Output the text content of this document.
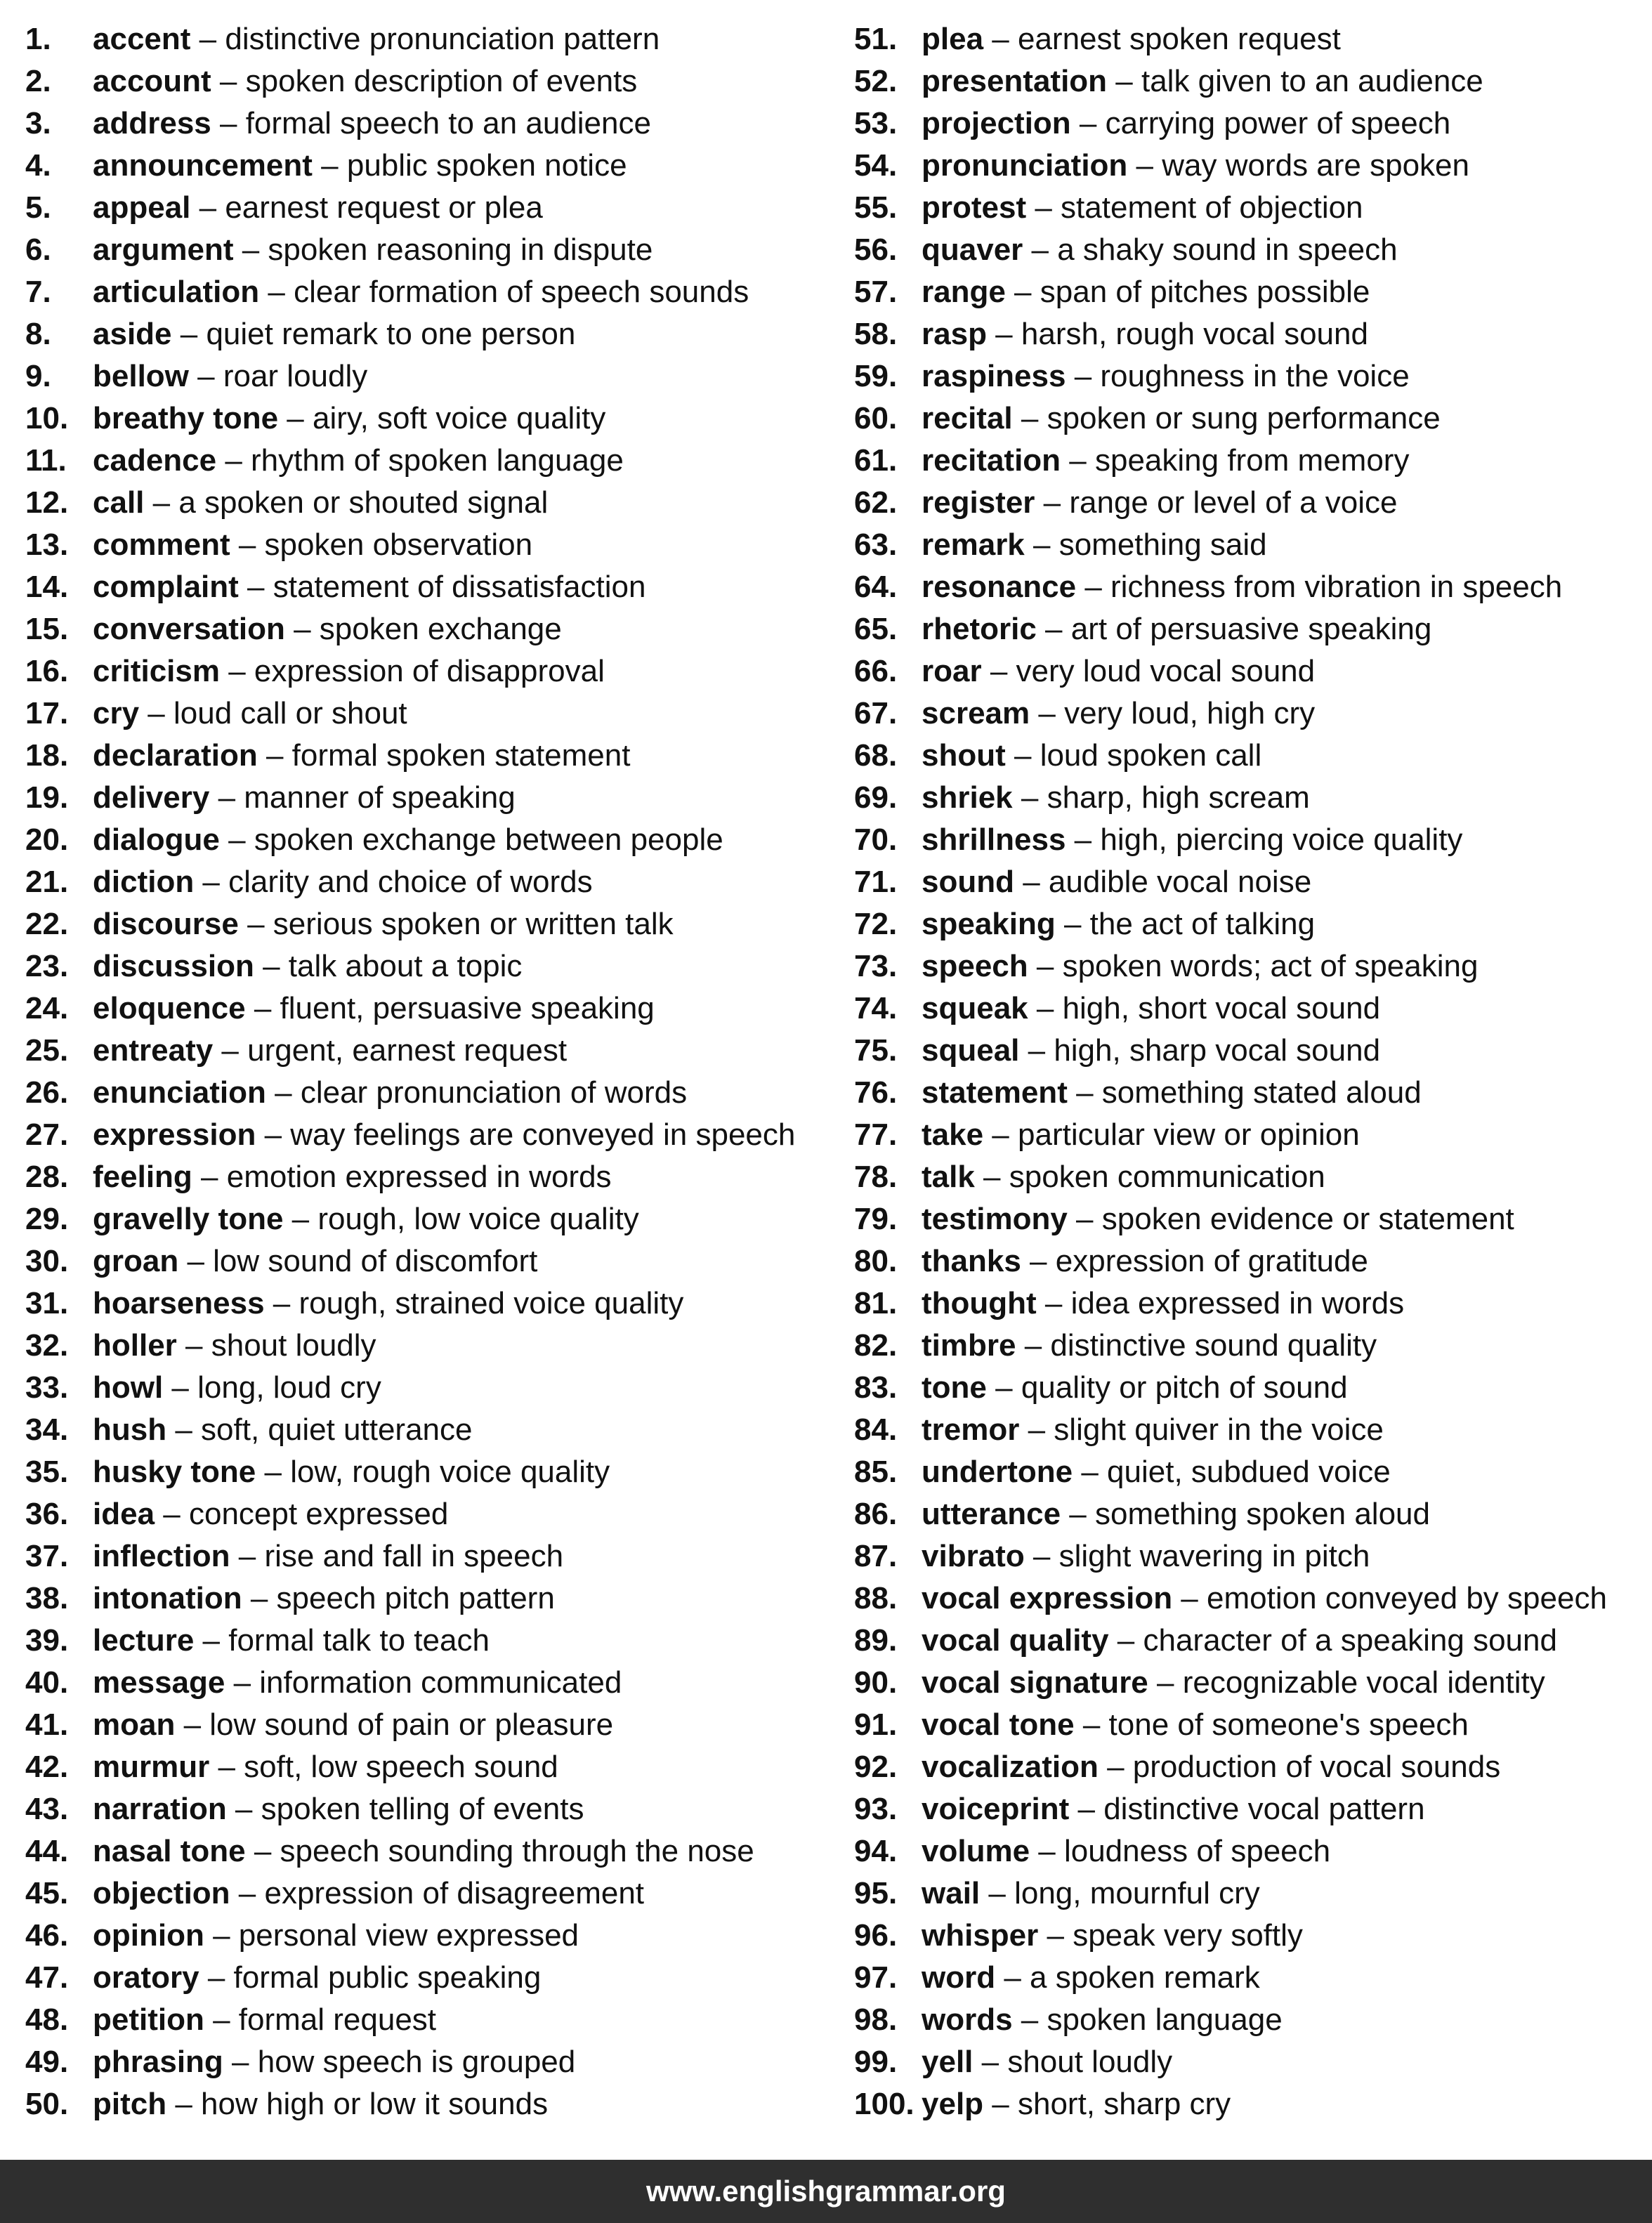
1. accent – distinctive pronunciation pattern
2. account – spoken description of events
3. address – formal speech to an audience
4. announcement – public spoken notice
5. appeal – earnest request or plea
6. argument – spoken reasoning in dispute
7. articulation – clear formation of speech sounds
8. aside – quiet remark to one person
9. bellow – roar loudly
10. breathy tone – airy, soft voice quality
11. cadence – rhythm of spoken language
12. call – a spoken or shouted signal
13. comment – spoken observation
14. complaint – statement of dissatisfaction
15. conversation – spoken exchange
16. criticism – expression of disapproval
17. cry – loud call or shout
18. declaration – formal spoken statement
19. delivery – manner of speaking
20. dialogue – spoken exchange between people
21. diction – clarity and choice of words
22. discourse – serious spoken or written talk
23. discussion – talk about a topic
24. eloquence – fluent, persuasive speaking
25. entreaty – urgent, earnest request
26. enunciation – clear pronunciation of words
27. expression – way feelings are conveyed in speech
28. feeling – emotion expressed in words
29. gravelly tone – rough, low voice quality
30. groan – low sound of discomfort
31. hoarseness – rough, strained voice quality
32. holler – shout loudly
33. howl – long, loud cry
34. hush – soft, quiet utterance
35. husky tone – low, rough voice quality
36. idea – concept expressed
37. inflection – rise and fall in speech
38. intonation – speech pitch pattern
39. lecture – formal talk to teach
40. message – information communicated
41. moan – low sound of pain or pleasure
42. murmur – soft, low speech sound
43. narration – spoken telling of events
44. nasal tone – speech sounding through the nose
45. objection – expression of disagreement
46. opinion – personal view expressed
47. oratory – formal public speaking
48. petition – formal request
49. phrasing – how speech is grouped
50. pitch – how high or low it sounds
51. plea – earnest spoken request
52. presentation – talk given to an audience
53. projection – carrying power of speech
54. pronunciation – way words are spoken
55. protest – statement of objection
56. quaver – a shaky sound in speech
57. range – span of pitches possible
58. rasp – harsh, rough vocal sound
59. raspiness – roughness in the voice
60. recital – spoken or sung performance
61. recitation – speaking from memory
62. register – range or level of a voice
63. remark – something said
64. resonance – richness from vibration in speech
65. rhetoric – art of persuasive speaking
66. roar – very loud vocal sound
67. scream – very loud, high cry
68. shout – loud spoken call
69. shriek – sharp, high scream
70. shrillness – high, piercing voice quality
71. sound – audible vocal noise
72. speaking – the act of talking
73. speech – spoken words; act of speaking
74. squeak – high, short vocal sound
75. squeal – high, sharp vocal sound
76. statement – something stated aloud
77. take – particular view or opinion
78. talk – spoken communication
79. testimony – spoken evidence or statement
80. thanks – expression of gratitude
81. thought – idea expressed in words
82. timbre – distinctive sound quality
83. tone – quality or pitch of sound
84. tremor – slight quiver in the voice
85. undertone – quiet, subdued voice
86. utterance – something spoken aloud
87. vibrato – slight wavering in pitch
88. vocal expression – emotion conveyed by speech
89. vocal quality – character of a speaking sound
90. vocal signature – recognizable vocal identity
91. vocal tone – tone of someone's speech
92. vocalization – production of vocal sounds
93. voiceprint – distinctive vocal pattern
94. volume – loudness of speech
95. wail – long, mournful cry
96. whisper – speak very softly
97. word – a spoken remark
98. words – spoken language
99. yell – shout loudly
100. yelp – short, sharp cry
www.englishgrammar.org
